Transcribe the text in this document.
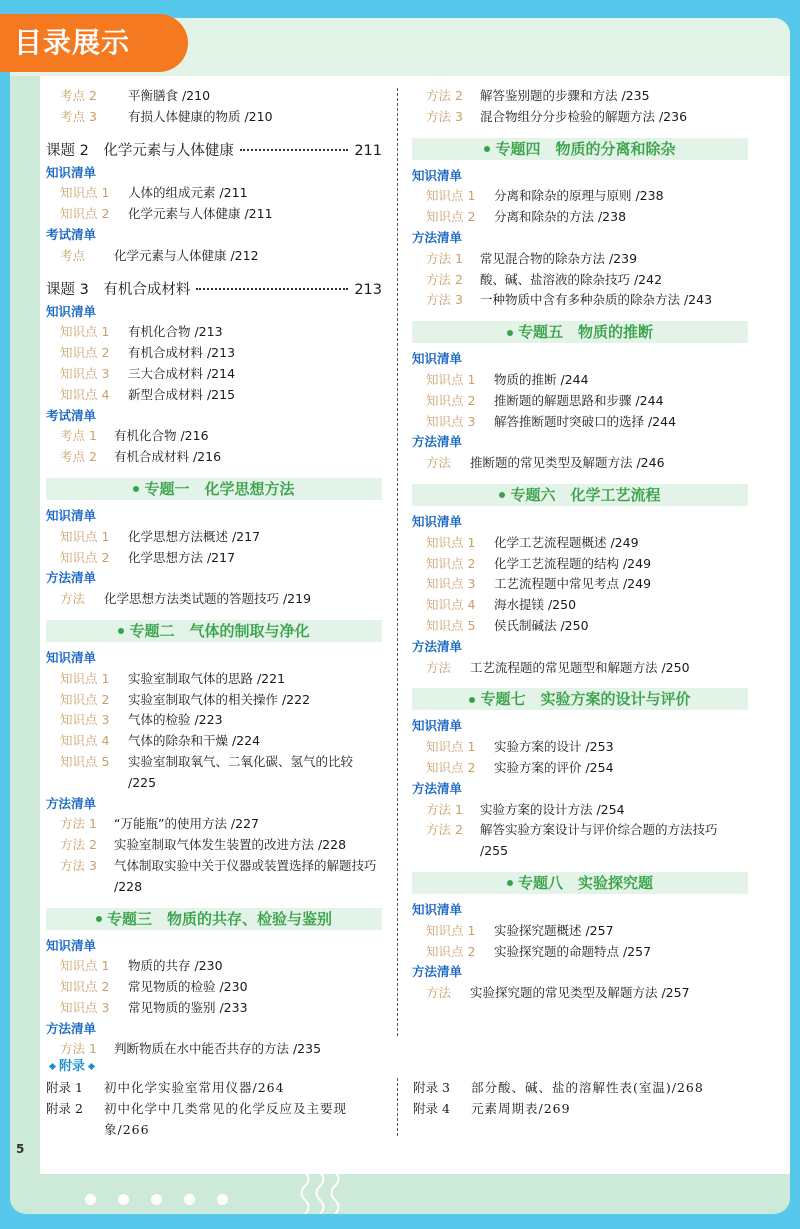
目录展示
考点 2 平衡膳食 /210
考点 3 有损人体健康的物质 /210
课题 2　化学元素与人体健康	211
知识清单
知识点 1 人体的组成元素 /211
知识点 2 化学元素与人体健康 /211
考试清单
考点 化学元素与人体健康 /212
课题 3　有机合成材料	213
知识清单
知识点 1 有机化合物 /213
知识点 2 有机合成材料 /213
知识点 3 三大合成材料 /214
知识点 4 新型合成材料 /215
考试清单
考点 1 有机化合物 /216
考点 2 有机合成材料 /216
专题一　化学思想方法
知识清单
知识点 1 化学思想方法概述 /217
知识点 2 化学思想方法 /217
方法清单
方法 化学思想方法类试题的答题技巧 /219
专题二　气体的制取与净化
知识清单
知识点 1 实验室制取气体的思路 /221
知识点 2 实验室制取气体的相关操作 /222
知识点 3 气体的检验 /223
知识点 4 气体的除杂和干燥 /224
知识点 5	实验室制取氧气、二氧化碳、氢气的比较 /225
方法清单
方法 1 “万能瓶”的使用方法 /227
方法 2 实验室制取气体发生装置的改进方法 /228
方法 3	气体制取实验中关于仪器或装置选择的解题技巧 /228
专题三　物质的共存、检验与鉴别
知识清单
知识点 1 物质的共存 /230
知识点 2 常见物质的检验 /230
知识点 3 常见物质的鉴别 /233
方法清单
方法 1 判断物质在水中能否共存的方法 /235
方法 2 解答鉴别题的步骤和方法 /235
方法 3 混合物组分分步检验的解题方法 /236
专题四　物质的分离和除杂
知识清单
知识点 1 分离和除杂的原理与原则 /238
知识点 2 分离和除杂的方法 /238
方法清单
方法 1 常见混合物的除杂方法 /239
方法 2 酸、碱、盐溶液的除杂技巧 /242
方法 3 一种物质中含有多种杂质的除杂方法 /243
专题五　物质的推断
知识清单
知识点 1 物质的推断 /244
知识点 2 推断题的解题思路和步骤 /244
知识点 3 解答推断题时突破口的选择 /244
方法清单
方法 推断题的常见类型及解题方法 /246
专题六　化学工艺流程
知识清单
知识点 1 化学工艺流程题概述 /249
知识点 2 化学工艺流程题的结构 /249
知识点 3 工艺流程题中常见考点 /249
知识点 4 海水提镁 /250
知识点 5 侯氏制碱法 /250
方法清单
方法 工艺流程题的常见题型和解题方法 /250
专题七　实验方案的设计与评价
知识清单
知识点 1 实验方案的设计 /253
知识点 2 实验方案的评价 /254
方法清单
方法 1 实验方案的设计方法 /254
方法 2	解答实验方案设计与评价综合题的方法技巧 /255
专题八　实验探究题
知识清单
知识点 1 实验探究题概述 /257
知识点 2 实验探究题的命题特点 /257
方法清单
方法 实验探究题的常见类型及解题方法 /257
附录
附录 1	初中化学实验室常用仪器/264
附录 2	初中化学中几类常见的化学反应及主要现象/266
附录 3	部分酸、碱、盐的溶解性表(室温)/268
附录 4	元素周期表/269
5
